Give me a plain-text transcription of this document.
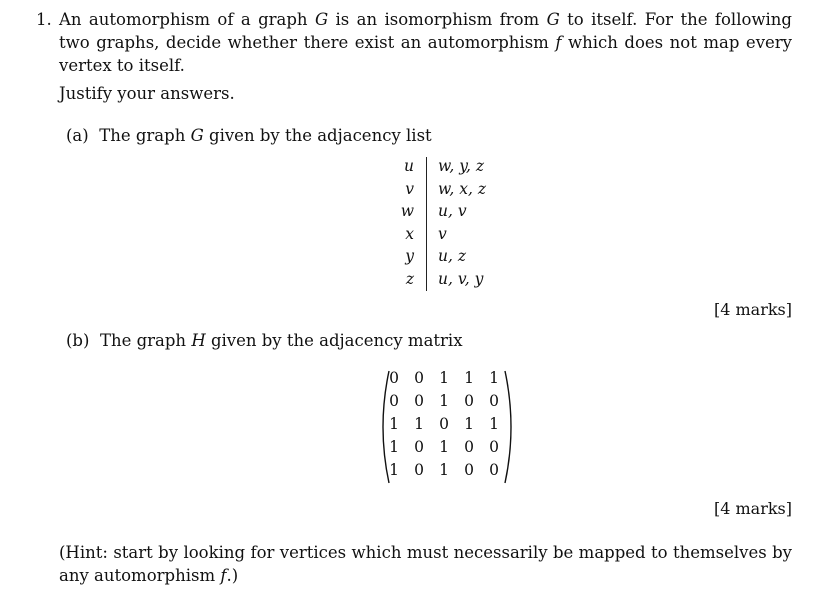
1. An automorphism of a graph G is an isomorphism from G to itself. For the following two graphs, decide whether there exist an automorphism f which does not map every vertex to itself.
Justify your answers.
(a) The graph G given by the adjacency list
u w, y, z
v w, x, z
w u, v
x v
y u, z
z u, v, y
[4 marks]
(b) The graph H given by the adjacency matrix
0 0 1 1 1
0 0 1 0 0
1 1 0 1 1
1 0 1 0 0
1 0 1 0 0
[4 marks]
(Hint: start by looking for vertices which must necessarily be mapped to themselves by any automorphism f.)
